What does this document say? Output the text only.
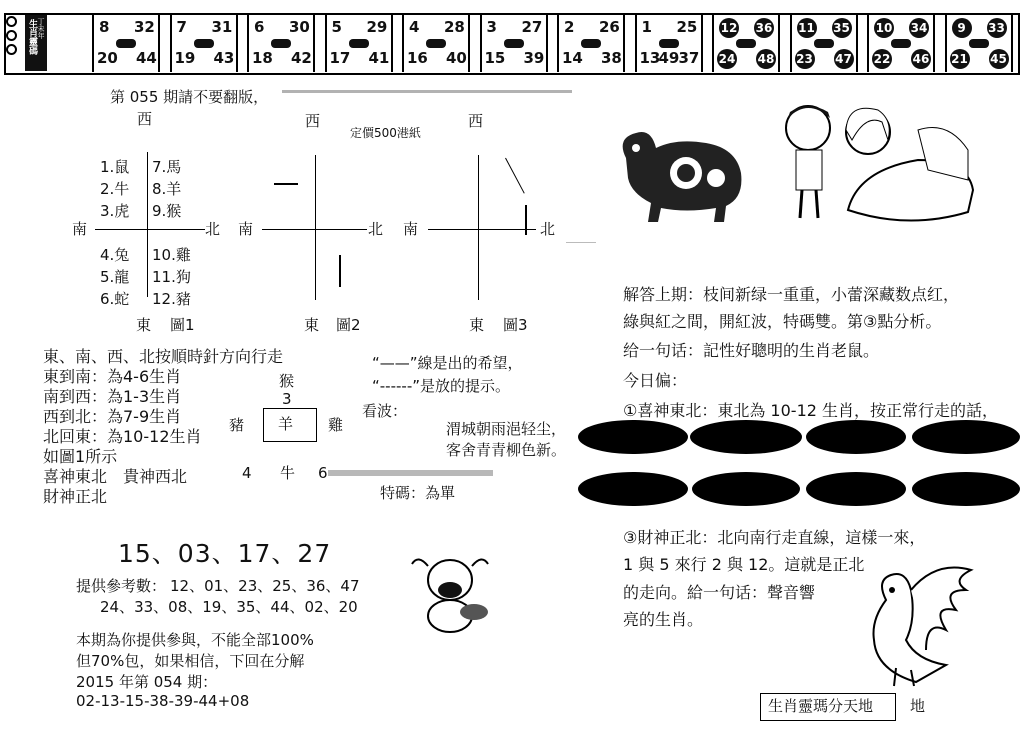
丁未年
生肖靈碼	8 32
20 44
7 31
19 43
6 30
18 42
5 29
17 41
4 28
16 40
3 27
15 39
2 26
14 38
1 25
13 37
49
12 36
24 48
11 35
23 47
10 34
22 46
9	33
21 45
第 055 期請不要翻版，
定價500港紙
西
南	北
東 圖1
1.鼠
2.牛
3.虎
4.兔
5.龍
6.蛇
7.馬
8.羊
9.猴
10.雞
11.狗
12.豬
西
南	北
東 圖2
西
南	北
東 圖3
東、南、西、北按順時針方向行走
東到南：為4-6生肖
南到西：為1-3生肖
西到北：為7-9生肖
北回東：為10-12生肖
如圖1所示
喜神東北　貴神西北
財神正北
“——”線是出的希望，
“------”是放的提示。
猴
3
豬 羊 雞
4 牛 6
看波：
渭城朝雨浥轻尘，
客舍青青柳色新。
特碼：為單
15、03、17、27
提供參考數： 12、01、23、25、36、47
24、33、08、19、35、44、02、20
本期為你提供參與，不能全部100%
但70%包，如果相信，下回在分解
2015 年第 054 期：
02-13-15-38-39-44+08
解答上期：枝间新绿一重重，小蕾深藏数点红，
綠與紅之間，開紅波，特碼雙。第③點分析。
给一句话：記性好聰明的生肖老鼠。
今日偏：
①喜神東北：東北為 10-12 生肖，按正常行走的話，
③財神正北：北向南行走直線，這樣一來，
1 與 5 來行 2 與 12。這就是正北
的走向。給一句话：聲音響
亮的生肖。
生肖靈瑪分天地 地
